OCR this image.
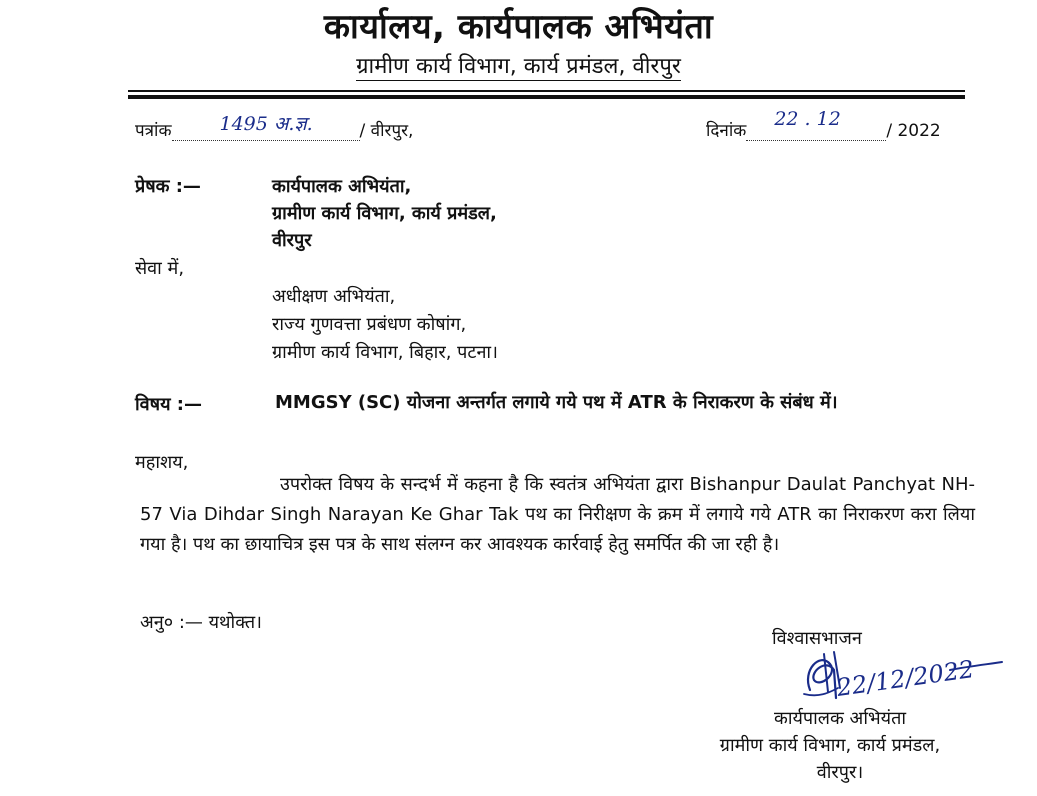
कार्यालय, कार्यपालक अभियंता
ग्रामीण कार्य विभाग, कार्य प्रमंडल, वीरपुर
पत्रांक	1495 अ.ज्ञ.	/ वीरपुर,	दिनांक
22 . 12
/ 2022
प्रेषक :—	कार्यपालक अभियंता,
ग्रामीण कार्य विभाग, कार्य प्रमंडल,
वीरपुर
सेवा में,
अधीक्षण अभियंता,
राज्य गुणवत्ता प्रबंधण कोषांग,
ग्रामीण कार्य विभाग, बिहार, पटना।
विषय :—	MMGSY (SC) योजना अन्तर्गत लगाये गये पथ में ATR के निराकरण के संबंध में।
महाशय,
उपरोक्त विषय के सन्दर्भ में कहना है कि स्वतंत्र अभियंता द्वारा Bishanpur Daulat Panchyat NH-57 Via Dihdar Singh Narayan Ke Ghar Tak पथ का निरीक्षण के क्रम में लगाये गये ATR का निराकरण करा लिया गया है। पथ का छायाचित्र इस पत्र के साथ संलग्न कर आवश्यक कार्रवाई हेतु समर्पित की जा रही है।
अनु० :— यथोक्त।
विश्वासभाजन
22/12/2022
कार्यपालक अभियंता
ग्रामीण कार्य विभाग, कार्य प्रमंडल,
वीरपुर।
